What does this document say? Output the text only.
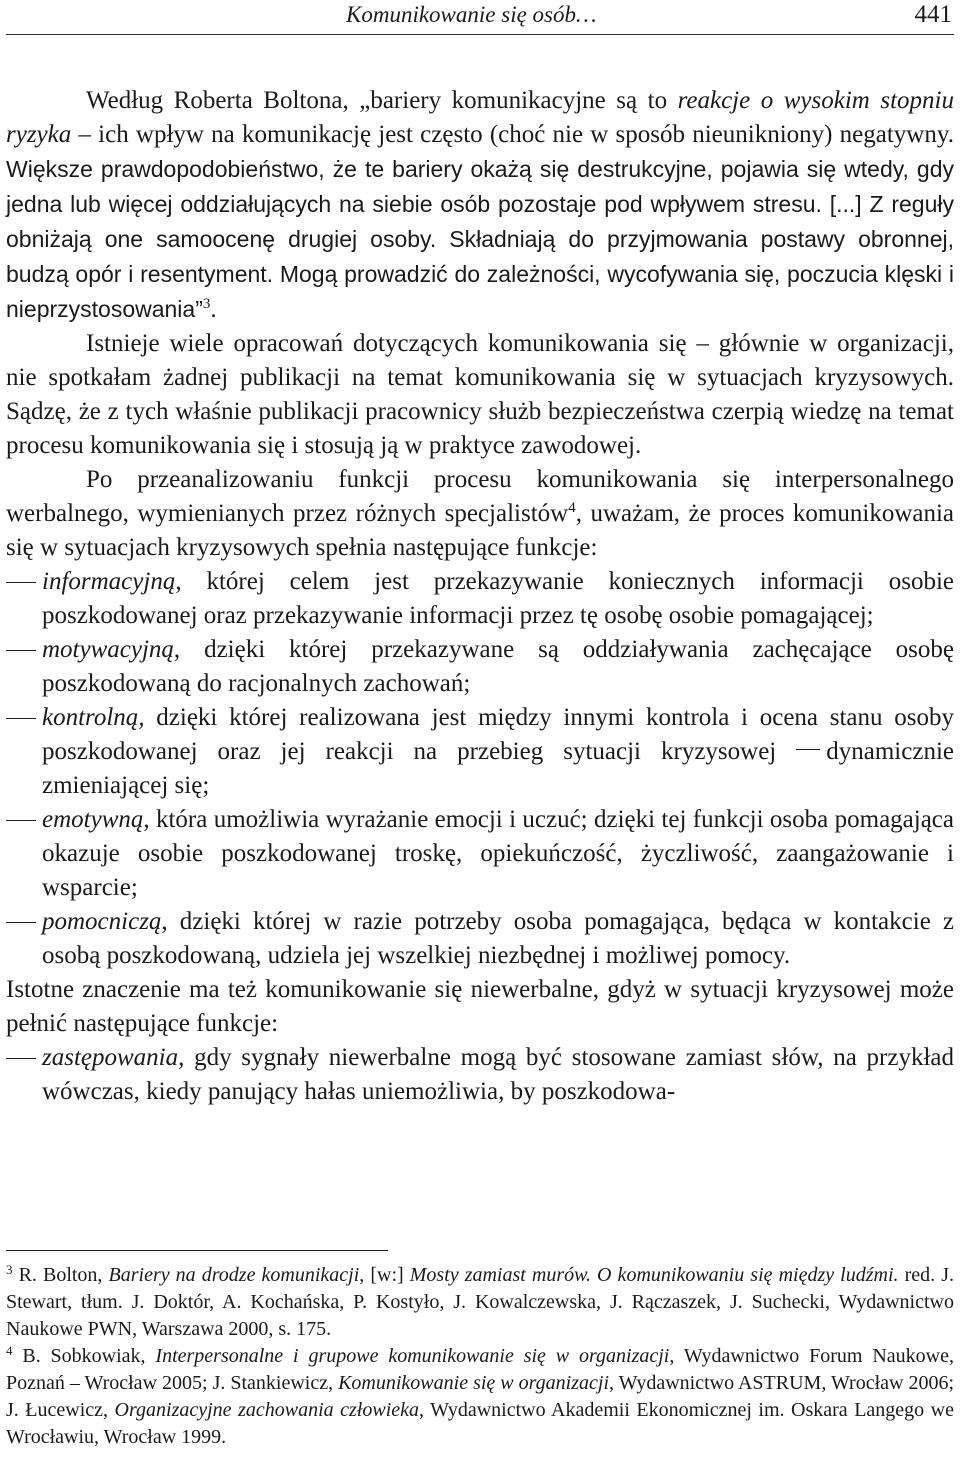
Komunikowanie się osób…	441

Według Roberta Boltona, „bariery komunikacyjne są to reakcje o wysokim stopniu ryzyka – ich wpływ na komunikację jest często (choć nie w sposób nieunikniony) negatywny. Większe prawdopodobieństwo, że te bariery okażą się destrukcyjne, pojawia się wtedy, gdy jedna lub więcej oddziałujących na siebie osób pozostaje pod wpływem stresu. [...] Z reguły obniżają one samoocenę drugiej osoby. Składniają do przyjmowania postawy obronnej, budzą opór i resentyment. Mogą prowadzić do zależności, wycofywania się, poczucia klęski i nieprzystosowania”$^3$.

Istnieje wiele opracowań dotyczących komunikowania się – głównie w organizacji, nie spotkałam żadnej publikacji na temat komunikowania się w sytuacjach kryzysowych. Sądzę, że z tych właśnie publikacji pracownicy służb bezpieczeństwa czerpią wiedzę na temat procesu komunikowania się i stosują ją w praktyce zawodowej.

Po przeanalizowaniu funkcji procesu komunikowania się interpersonalnego werbalnego, wymienianych przez różnych specjalistów$^4$, uważam, że proces komunikowania się w sytuacjach kryzysowych spełnia następujące funkcje:

informacyjną, której celem jest przekazywanie koniecznych informacji osobie poszkodowanej oraz przekazywanie informacji przez tę osobę osobie pomagającej;
motywacyjną, dzięki której przekazywane są oddziaływania zachęcające osobę poszkodowaną do racjonalnych zachowań;
kontrolną, dzięki której realizowana jest między innymi kontrola i ocena stanu osoby poszkodowanej oraz jej reakcji na przebieg sytuacji kryzysowej dynamicznie zmieniającej się;
emotywną, która umożliwia wyrażanie emocji i uczuć; dzięki tej funkcji osoba pomagająca okazuje osobie poszkodowanej troskę, opiekuńczość, życzliwość, zaangażowanie i wsparcie;
pomocniczą, dzięki której w razie potrzeby osoba pomagająca, będąca w kontakcie z osobą poszkodowaną, udziela jej wszelkiej niezbędnej i możliwej pomocy.

Istotne znaczenie ma też komunikowanie się niewerbalne, gdyż w sytuacji kryzysowej może pełnić następujące funkcje:

zastępowania, gdy sygnały niewerbalne mogą być stosowane zamiast słów, na przykład wówczas, kiedy panujący hałas uniemożliwia, by poszkodowa-

$^3$ R. Bolton, Bariery na drodze komunikacji, [w:] Mosty zamiast murów. O komunikowaniu się między ludźmi. red. J. Stewart, tłum. J. Doktór, A. Kochańska, P. Kostyło, J. Kowalczewska, J. Rączaszek, J. Suchecki, Wydawnictwo Naukowe PWN, Warszawa 2000, s. 175.

$^4$ B. Sobkowiak, Interpersonalne i grupowe komunikowanie się w organizacji, Wydawnictwo Forum Naukowe, Poznań – Wrocław 2005; J. Stankiewicz, Komunikowanie się w organizacji, Wydawnictwo ASTRUM, Wrocław 2006; J. Łucewicz, Organizacyjne zachowania człowieka, Wydawnictwo Akademii Ekonomicznej im. Oskara Langego we Wrocławiu, Wrocław 1999.
